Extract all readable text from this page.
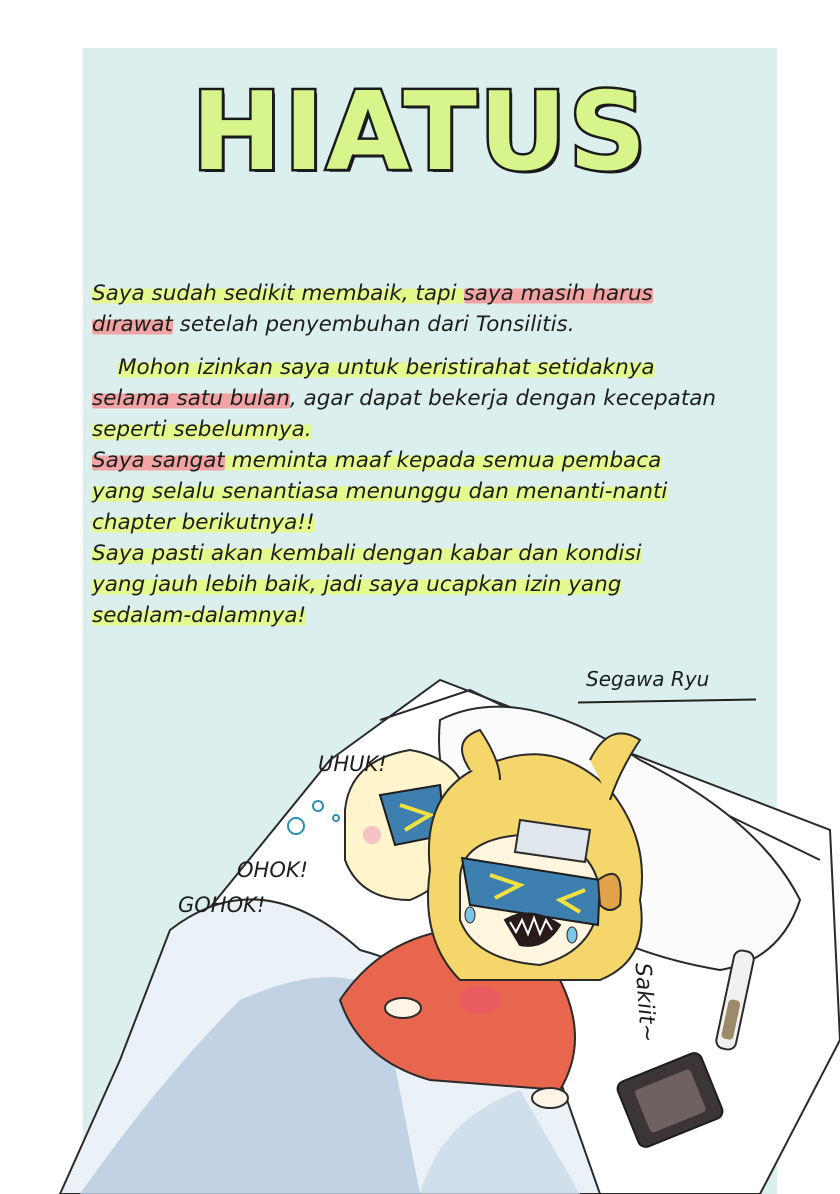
HIATUS
Saya sudah sedikit membaik, tapi saya masih harus
dirawat setelah penyembuhan dari Tonsilitis.
Mohon izinkan saya untuk beristirahat setidaknya
selama satu bulan, agar dapat bekerja dengan kecepatan
seperti sebelumnya.
Saya sangat meminta maaf kepada semua pembaca
yang selalu senantiasa menunggu dan menanti-nanti
chapter berikutnya!!
Saya pasti akan kembali dengan kabar dan kondisi
yang jauh lebih baik, jadi saya ucapkan izin yang
sedalam-dalamnya!
Segawa Ryu
UHUK!
OHOK!
GOHOK!
Sakiit~
